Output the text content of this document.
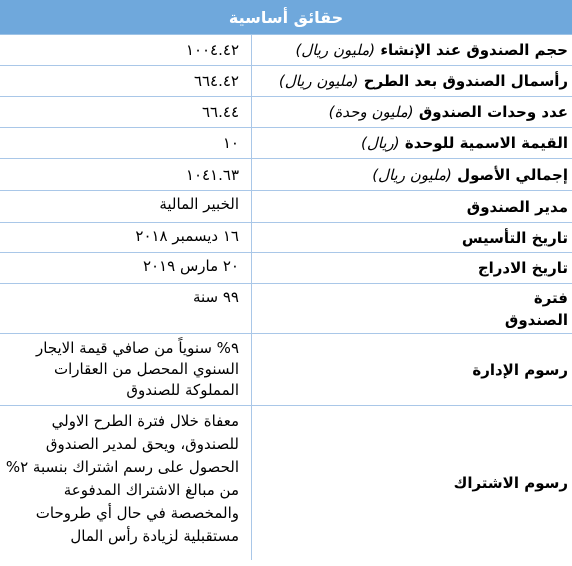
حقائق أساسية
حجم الصندوق عند الإنشاء

(مليون ريال)
١٠٠٤.٤٢
رأسمال الصندوق بعد الطرح

(مليون ريال)
٦٦٤.٤٢
عدد وحدات الصندوق

(مليون وحدة)
٦٦.٤٤
القيمة الاسمية للوحدة

(ريال)
١٠
إجمالي الأصول

(مليون ريال)
١٠٤١.٦٣
مدير الصندوق
الخبير المالية
تاريخ التأسيس
١٦ ديسمبر ٢٠١٨
تاريخ الادراج
٢٠ مارس ٢٠١٩
فترة الصندوق
٩٩ سنة
رسوم الإدارة
٩% سنوياً من صافي قيمة الايجار السنوي المحصل من العقارات المملوكة للصندوق
رسوم الاشتراك
معفاة خلال فترة الطرح الاولي للصندوق، ويحق لمدير الصندوق الحصول على رسم اشتراك بنسبة ٢% من مبالغ الاشتراك المدفوعة والمخصصة في حال أي طروحات مستقبلية لزيادة رأس المال
